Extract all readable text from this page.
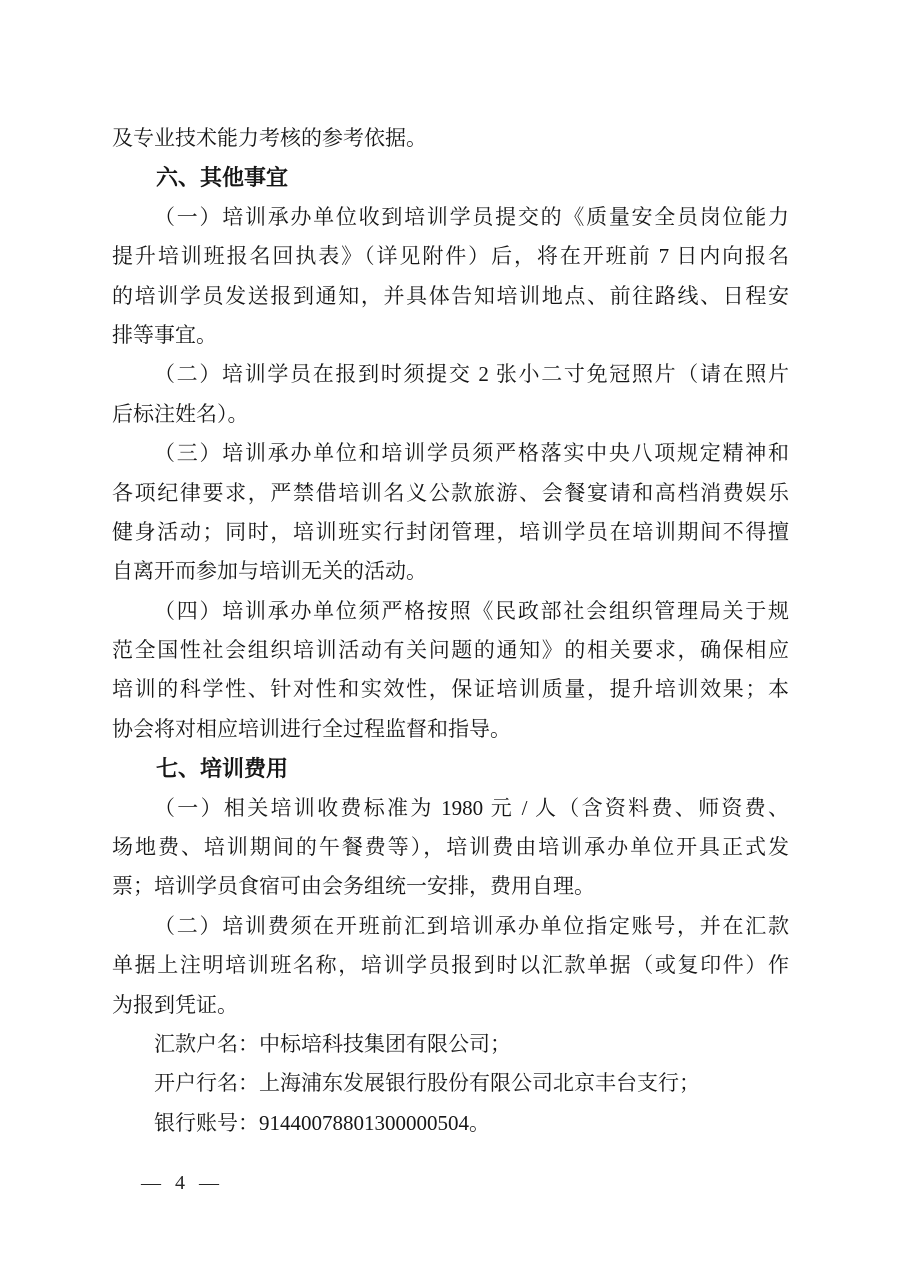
及专业技术能力考核的参考依据。
六、其他事宜
（一）培训承办单位收到培训学员提交的《质量安全员岗位能力
提升培训班报名回执表》（详见附件）后，将在开班前 7 日内向报名
的培训学员发送报到通知，并具体告知培训地点、前往路线、日程安
排等事宜。
（二）培训学员在报到时须提交 2 张小二寸免冠照片（请在照片
后标注姓名）。
（三）培训承办单位和培训学员须严格落实中央八项规定精神和
各项纪律要求，严禁借培训名义公款旅游、会餐宴请和高档消费娱乐
健身活动；同时，培训班实行封闭管理，培训学员在培训期间不得擅
自离开而参加与培训无关的活动。
（四）培训承办单位须严格按照《民政部社会组织管理局关于规
范全国性社会组织培训活动有关问题的通知》的相关要求，确保相应
培训的科学性、针对性和实效性，保证培训质量，提升培训效果；本
协会将对相应培训进行全过程监督和指导。
七、培训费用
（一）相关培训收费标准为 1980 元 / 人（含资料费、师资费、
场地费、培训期间的午餐费等），培训费由培训承办单位开具正式发
票；培训学员食宿可由会务组统一安排，费用自理。
（二）培训费须在开班前汇到培训承办单位指定账号，并在汇款
单据上注明培训班名称，培训学员报到时以汇款单据（或复印件）作
为报到凭证。
汇款户名：中标培科技集团有限公司；
开户行名：上海浦东发展银行股份有限公司北京丰台支行；
银行账号：91440078801300000504。
— 4 —
